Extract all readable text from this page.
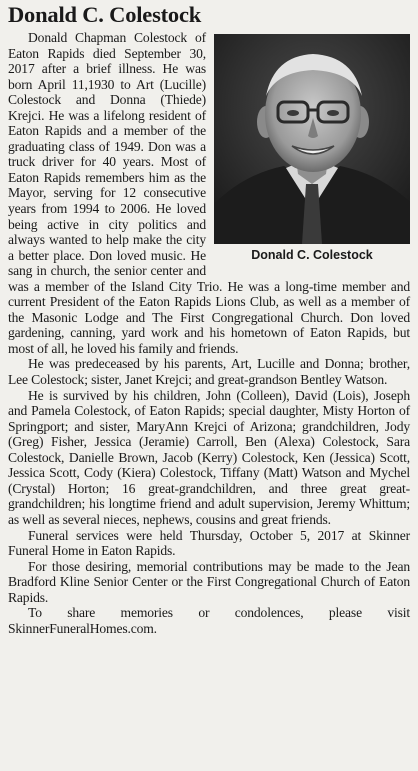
Donald C. Colestock
Donald C. Colestock

Donald Chapman Colestock of Eaton Rapids died September 30, 2017 after a brief illness. He was born April 11,1930 to Art (Lucille) Colestock and Donna (Thiede) Krejci. He was a lifelong resident of Eaton Rapids and a member of the graduating class of 1949. Don was a truck driver for 40 years. Most of Eaton Rapids remembers him as the Mayor, serving for 12 consecutive years from 1994 to 2006. He loved being active in city politics and always wanted to help make the city a better place. Don loved music. He sang in church, the senior center and was a member of the Island City Trio. He was a long-time member and current President of the Eaton Rapids Lions Club, as well as a member of the Masonic Lodge and The First Congregational Church. Don loved gardening, canning, yard work and his hometown of Eaton Rapids, but most of all, he loved his family and friends.

He was predeceased by his parents, Art, Lucille and Donna; brother, Lee Colestock; sister, Janet Krejci; and great-grandson Bentley Watson.

He is survived by his children, John (Colleen), David (Lois), Joseph and Pamela Colestock, of Eaton Rapids; special daughter, Misty Horton of Springport; and sister, MaryAnn Krejci of Arizona; grandchildren, Jody (Greg) Fisher, Jessica (Jeramie) Carroll, Ben (Alexa) Colestock, Sara Colestock, Danielle Brown, Jacob (Kerry) Colestock, Ken (Jessica) Scott, Jessica Scott, Cody (Kiera) Colestock, Tiffany (Matt) Watson and Mychel (Crystal) Horton; 16 great-grandchildren, and three great great-grandchildren; his longtime friend and adult supervision, Jeremy Whittum; as well as several nieces, nephews, cousins and great friends.

Funeral services were held Thursday, October 5, 2017 at Skinner Funeral Home in Eaton Rapids.

For those desiring, memorial contributions may be made to the Jean Bradford Kline Senior Center or the First Congregational Church of Eaton Rapids.

To share memories or condolences, please visit SkinnerFuneralHomes.com.
